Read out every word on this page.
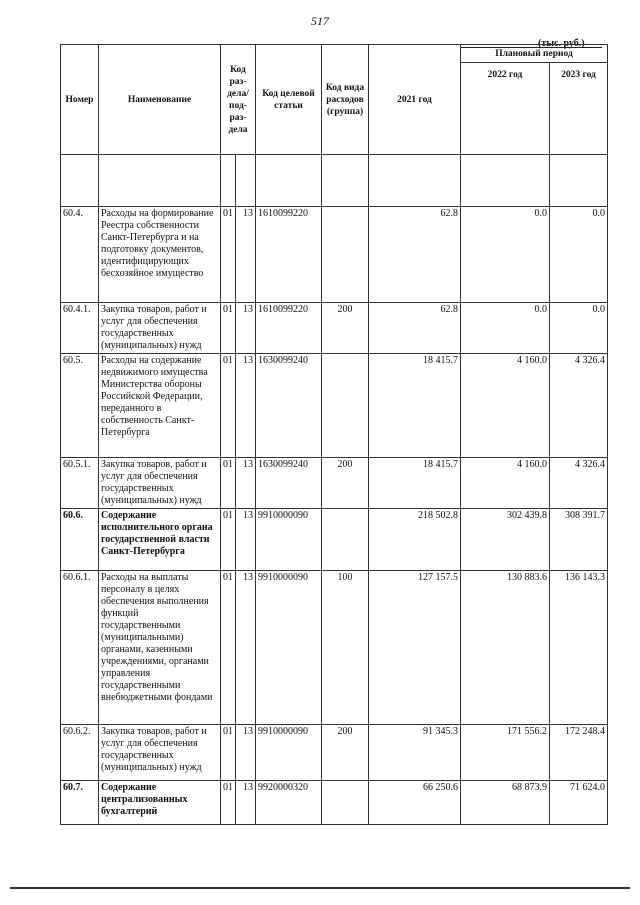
517
(тыс. руб.)
Номер	Наименование	Код раз-дела/ под-раз-дела		Код целевой статьи	Код вида расходов (группа)	2021 год	Плановый период	
							2022 год	2023 год

60.4.	Расходы на формирование Реестра собственности Санкт-Петербурга и на подготовку документов, идентифицирующих бесхозяйное имущество	01	13	1610099220		62.8	0.0	0.0
60.4.1.	Закупка товаров, работ и услуг для обеспечения государственных (муниципальных) нужд	01	13	1610099220	200	62.8	0.0	0.0
60.5.	Расходы на содержание недвижимого имущества Министерства обороны Российской Федерации, переданного в собственность Санкт-Петербурга	01	13	1630099240		18 415.7	4 160.0	4 326.4
60.5.1.	Закупка товаров, работ и услуг для обеспечения государственных (муниципальных) нужд	01	13	1630099240	200	18 415.7	4 160.0	4 326.4
60.6.	Содержание исполнительного органа государственной власти Санкт-Петербурга	01	13	9910000090		218 502.8	302 439.8	308 391.7
60.6.1.	Расходы на выплаты персоналу в целях обеспечения выполнения функций государственными (муниципальными) органами, казенными учреждениями, органами управления государственными внебюджетными фондами	01	13	9910000090	100	127 157.5	130 883.6	136 143.3
60.6.2.	Закупка товаров, работ и услуг для обеспечения государственных (муниципальных) нужд	01	13	9910000090	200	91 345.3	171 556.2	172 248.4
60.7.	Содержание централизованных бухгалтерий	01	13	9920000320		66 250.6	68 873.9	71 624.0
